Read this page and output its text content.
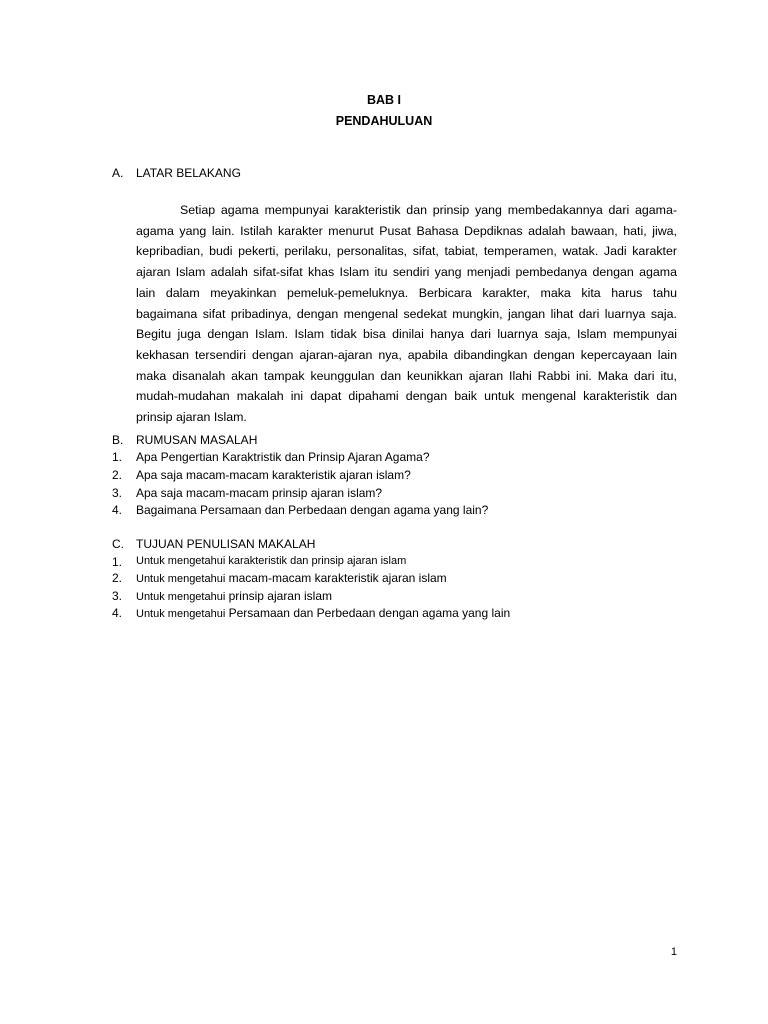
BAB I
PENDAHULUAN
A. LATAR BELAKANG

Setiap agama mempunyai karakteristik dan prinsip yang membedakannya dari agama-agama yang lain. Istilah karakter menurut Pusat Bahasa Depdiknas adalah bawaan, hati, jiwa, kepribadian, budi pekerti, perilaku, personalitas, sifat, tabiat, temperamen, watak. Jadi karakter ajaran Islam adalah sifat-sifat khas Islam itu sendiri yang menjadi pembedanya dengan agama lain dalam meyakinkan pemeluk-pemeluknya. Berbicara karakter, maka kita harus tahu bagaimana sifat pribadinya, dengan mengenal sedekat mungkin, jangan lihat dari luarnya saja. Begitu juga dengan Islam. Islam tidak bisa dinilai hanya dari luarnya saja, Islam mempunyai kekhasan tersendiri dengan ajaran-ajaran nya, apabila dibandingkan dengan kepercayaan lain maka disanalah akan tampak keunggulan dan keunikkan ajaran Ilahi Rabbi ini. Maka dari itu, mudah-mudahan makalah ini dapat dipahami dengan baik untuk mengenal karakteristik dan prinsip ajaran Islam.

B. RUMUSAN MASALAH
1. Apa Pengertian Karaktristik dan Prinsip Ajaran Agama?
2. Apa saja macam-macam karakteristik ajaran islam?
3. Apa saja macam-macam prinsip ajaran islam?
4. Bagaimana Persamaan dan Perbedaan dengan agama yang lain?
C. TUJUAN PENULISAN MAKALAH
1. Untuk mengetahui karakteristik dan prinsip ajaran islam
2. Untuk mengetahui macam-macam karakteristik ajaran islam
3. Untuk mengetahui prinsip ajaran islam
4. Untuk mengetahui Persamaan dan Perbedaan dengan agama yang lain
1
